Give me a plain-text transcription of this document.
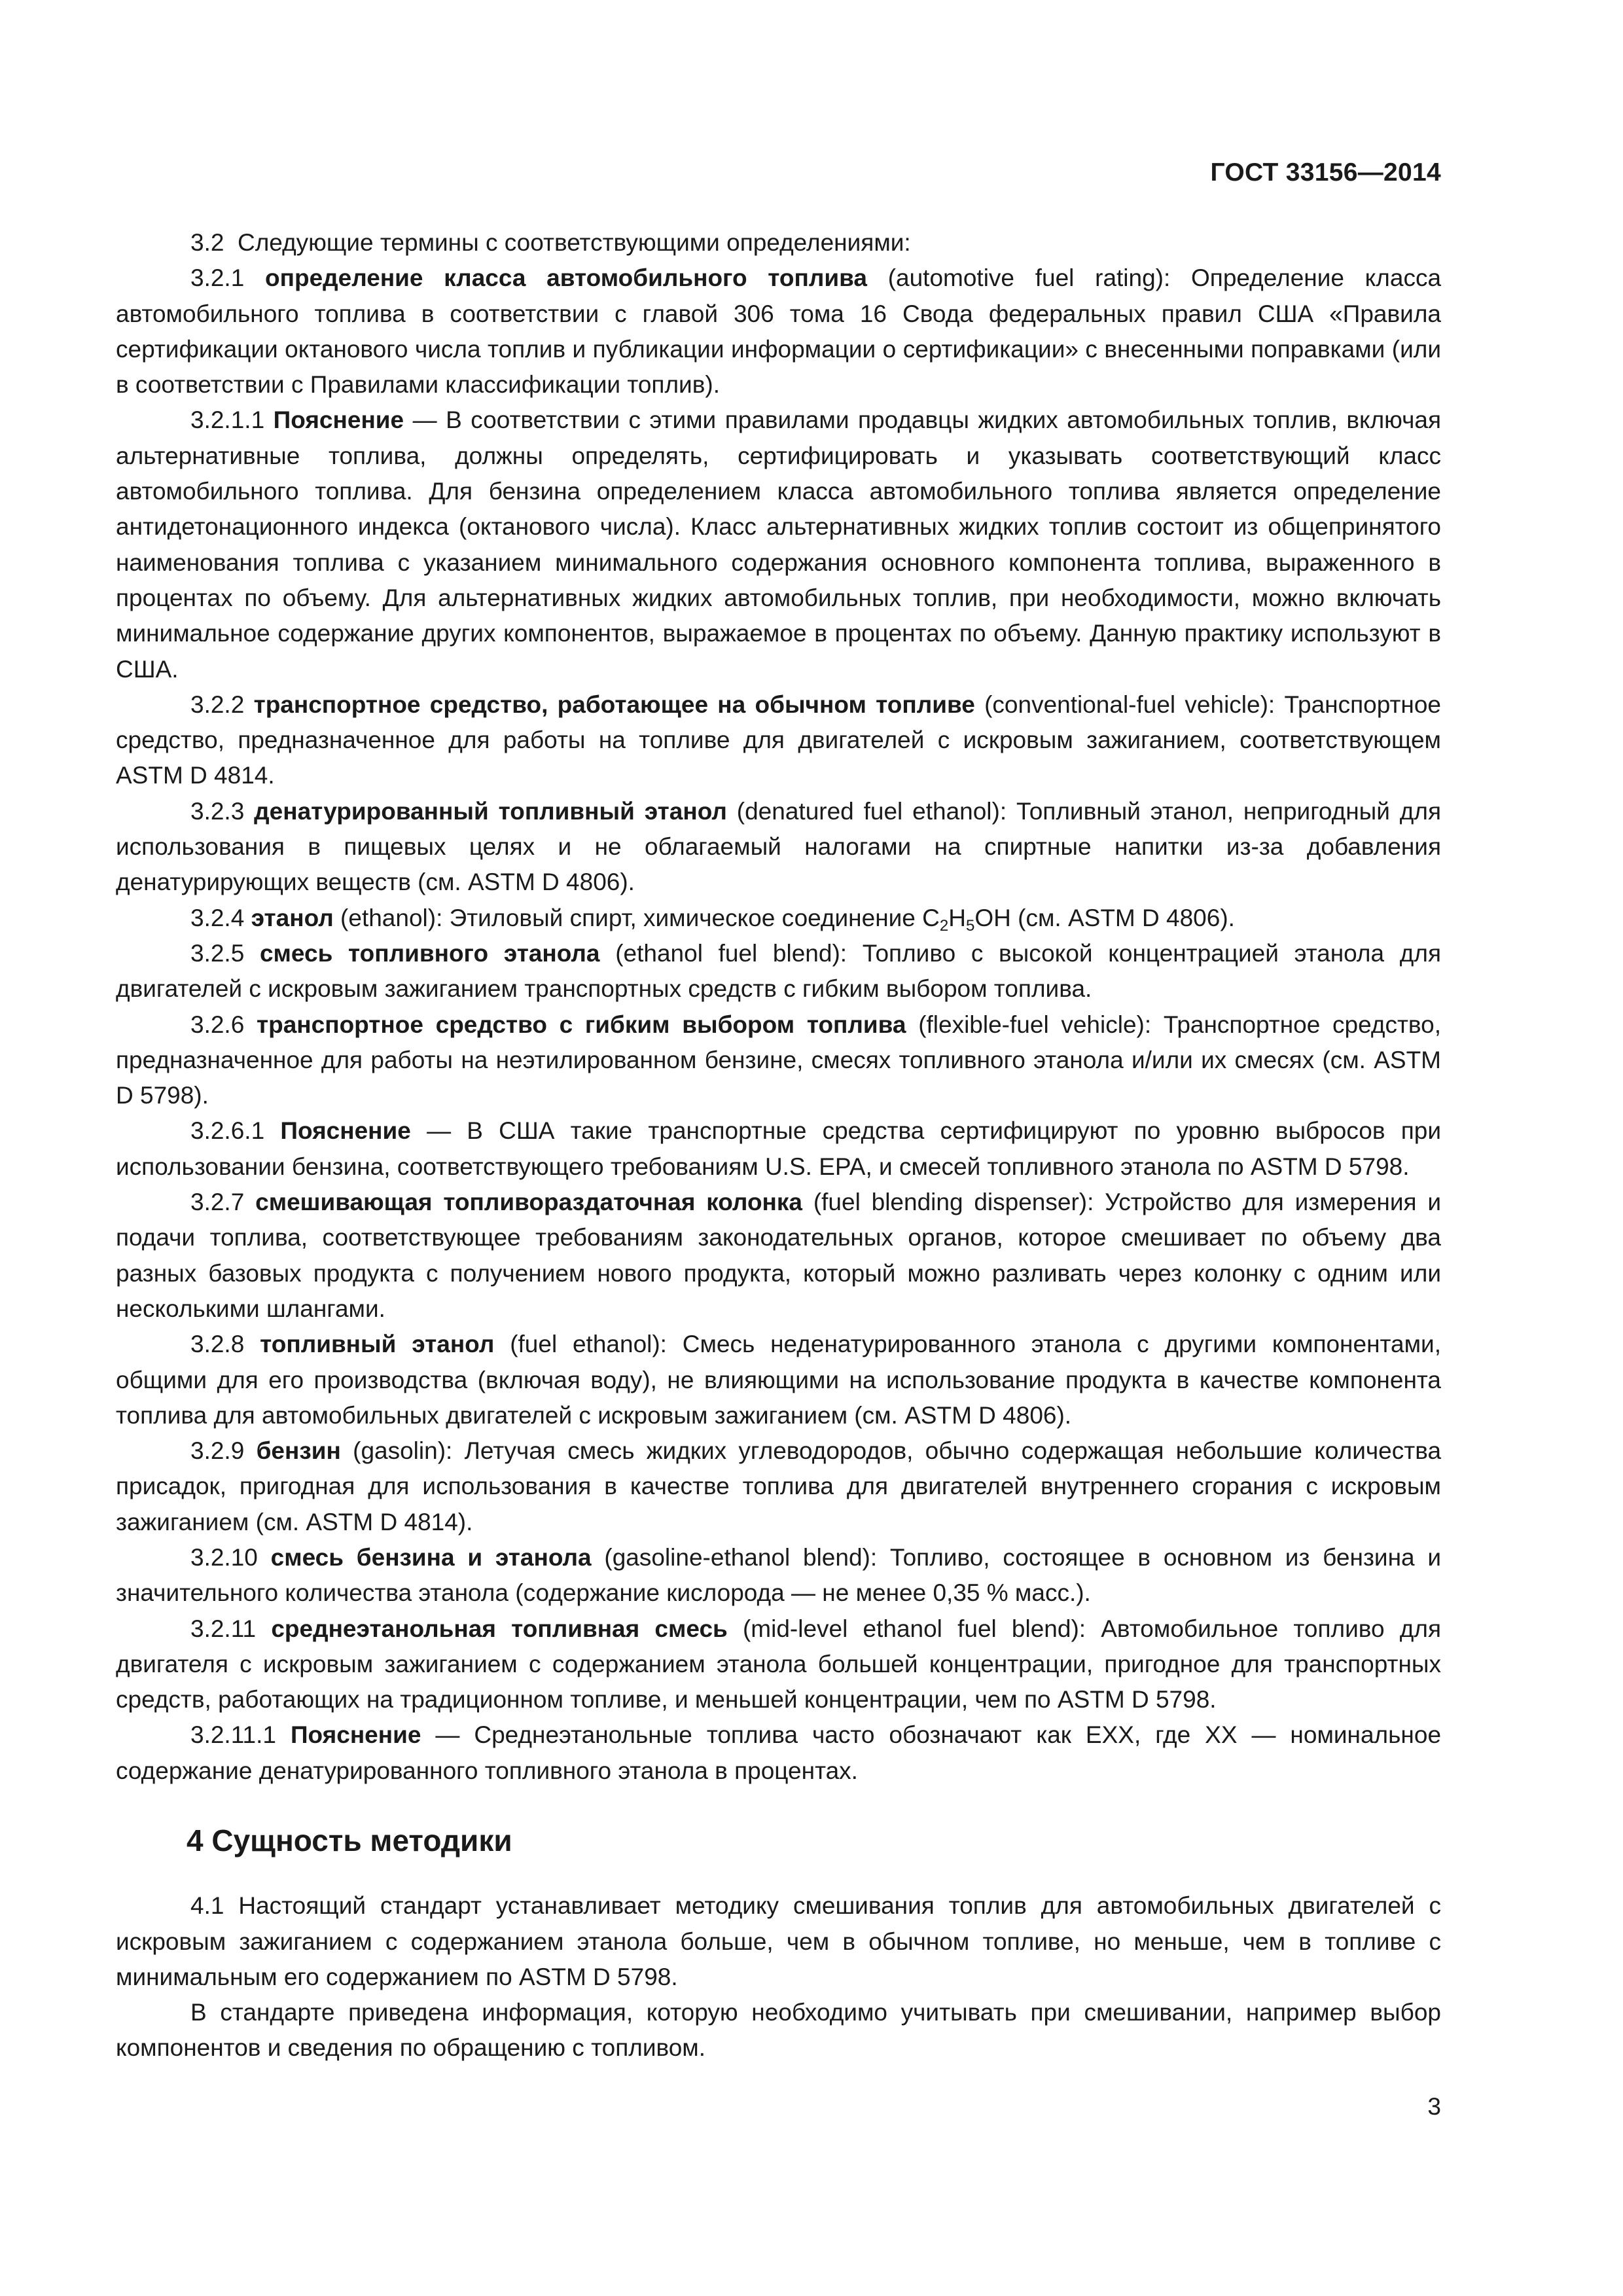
ГОСТ 33156—2014

3.2 Следующие термины с соответствующими определениями:

3.2.1 определение класса автомобильного топлива (automotive fuel rating): Определение класса автомобильного топлива в соответствии с главой 306 тома 16 Свода федеральных правил США «Правила сертификации октанового числа топлив и публикации информации о сертификации» с внесенными поправками (или в соответствии с Правилами классификации топлив).

3.2.1.1 Пояснение — В соответствии с этими правилами продавцы жидких автомобильных топлив, включая альтернативные топлива, должны определять, сертифицировать и указывать соответствующий класс автомобильного топлива. Для бензина определением класса автомобильного топлива является определение антидетонационного индекса (октанового числа). Класс альтернативных жидких топлив состоит из общепринятого наименования топлива с указанием минимального содержания основного компонента топлива, выраженного в процентах по объему. Для альтернативных жидких автомобильных топлив, при необходимости, можно включать минимальное содержание других компонентов, выражаемое в процентах по объему. Данную практику используют в США.

3.2.2 транспортное средство, работающее на обычном топливе (conventional-fuel vehicle): Транспортное средство, предназначенное для работы на топливе для двигателей с искровым зажиганием, соответствующем ASTM D 4814.

3.2.3 денатурированный топливный этанол (denatured fuel ethanol): Топливный этанол, непригодный для использования в пищевых целях и не облагаемый налогами на спиртные напитки из-за добавления денатурирующих веществ (см. ASTM D 4806).

3.2.4 этанол (ethanol): Этиловый спирт, химическое соединение $C_2H_5OH$ (см. ASTM D 4806).

3.2.5 смесь топливного этанола (ethanol fuel blend): Топливо с высокой концентрацией этанола для двигателей с искровым зажиганием транспортных средств с гибким выбором топлива.

3.2.6 транспортное средство с гибким выбором топлива (flexible-fuel vehicle): Транспортное средство, предназначенное для работы на неэтилированном бензине, смесях топливного этанола и/или их смесях (см. ASTM D 5798).

3.2.6.1 Пояснение — В США такие транспортные средства сертифицируют по уровню выбросов при использовании бензина, соответствующего требованиям U.S. EPA, и смесей топливного этанола по ASTM D 5798.

3.2.7 смешивающая топливораздаточная колонка (fuel blending dispenser): Устройство для измерения и подачи топлива, соответствующее требованиям законодательных органов, которое смешивает по объему два разных базовых продукта с получением нового продукта, который можно разливать через колонку с одним или несколькими шлангами.

3.2.8 топливный этанол (fuel ethanol): Смесь неденатурированного этанола с другими компонентами, общими для его производства (включая воду), не влияющими на использование продукта в качестве компонента топлива для автомобильных двигателей с искровым зажиганием (см. ASTM D 4806).

3.2.9 бензин (gasolin): Летучая смесь жидких углеводородов, обычно содержащая небольшие количества присадок, пригодная для использования в качестве топлива для двигателей внутреннего сгорания с искровым зажиганием (см. ASTM D 4814).

3.2.10 смесь бензина и этанола (gasoline-ethanol blend): Топливо, состоящее в основном из бензина и значительного количества этанола (содержание кислорода — не менее 0,35 % масс.).

3.2.11 среднеэтанольная топливная смесь (mid-level ethanol fuel blend): Автомобильное топливо для двигателя с искровым зажиганием с содержанием этанола большей концентрации, пригодное для транспортных средств, работающих на традиционном топливе, и меньшей концентрации, чем по ASTM D 5798.

3.2.11.1 Пояснение — Среднеэтанольные топлива часто обозначают как EXX, где XX — номинальное содержание денатурированного топливного этанола в процентах.

4 Сущность методики

4.1 Настоящий стандарт устанавливает методику смешивания топлив для автомобильных двигателей с искровым зажиганием с содержанием этанола больше, чем в обычном топливе, но меньше, чем в топливе с минимальным его содержанием по ASTM D 5798.

В стандарте приведена информация, которую необходимо учитывать при смешивании, например выбор компонентов и сведения по обращению с топливом.

3
